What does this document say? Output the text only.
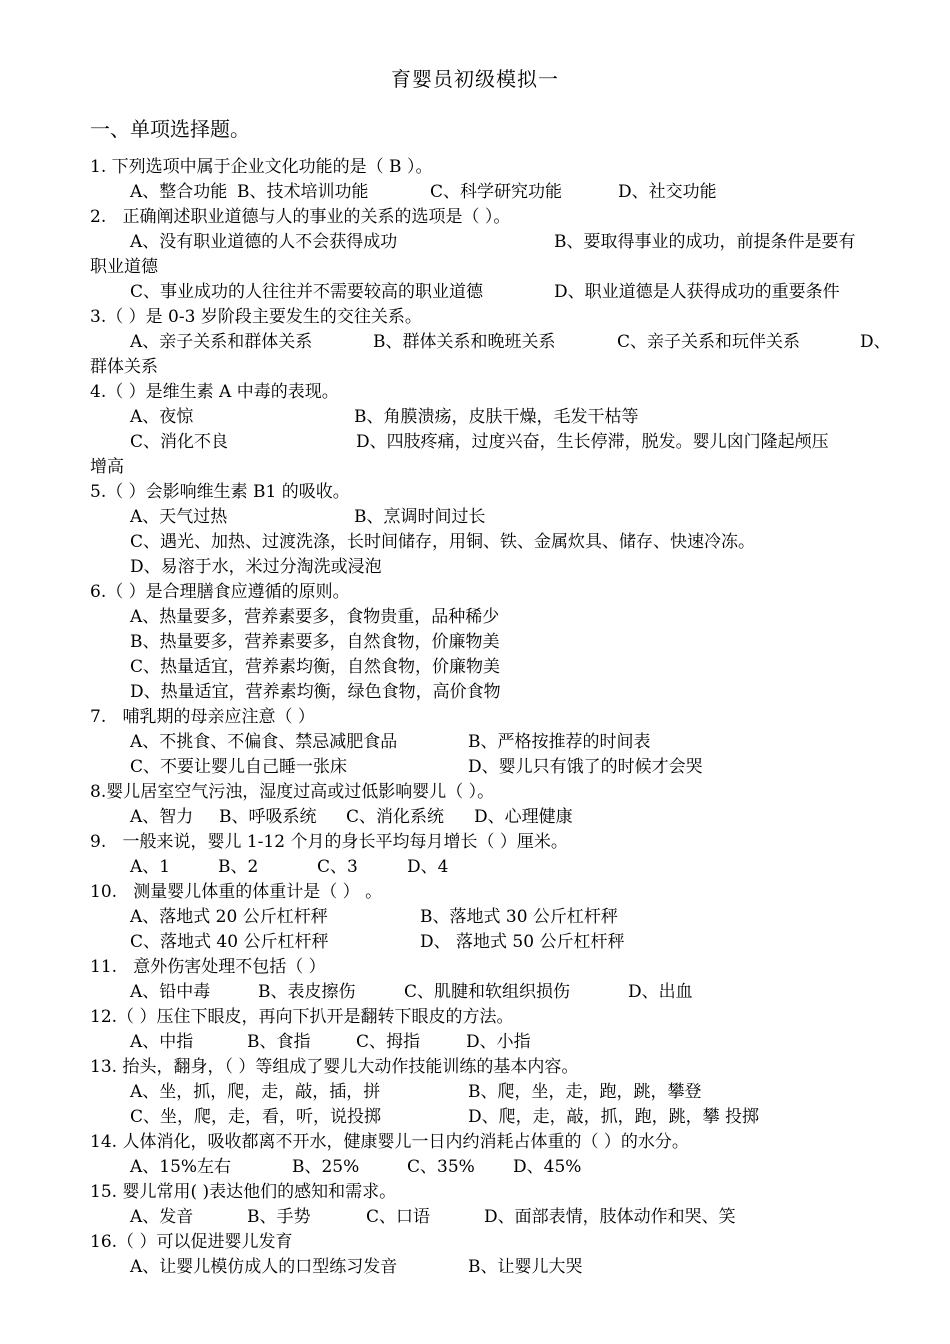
育婴员初级模拟一
一、单项选择题。
1. 下列选项中属于企业文化功能的是（ B ）。
A、整合功能 B、技术培训功能	C、科学研究功能	D、社交功能
2. 正确阐述职业道德与人的事业的关系的选项是（ ）。
A、没有职业道德的人不会获得成功	B、要取得事业的成功，前提条件是要有
职业道德
C、事业成功的人往往并不需要较高的职业道德	D、职业道德是人获得成功的重要条件
3.（ ）是 0-3 岁阶段主要发生的交往关系。
A、亲子关系和群体关系	B、群体关系和晚班关系	C、亲子关系和玩伴关系	D、
群体关系
4.（ ）是维生素 A 中毒的表现。
A、夜惊	B、角膜溃疡，皮肤干燥，毛发干枯等
C、消化不良	D、四肢疼痛，过度兴奋，生长停滞，脱发。婴儿囟门隆起颅压
增高
5.（ ）会影响维生素 B1 的吸收。
A、天气过热	B、烹调时间过长
C、遇光、加热、过渡洗涤，长时间储存，用铜、铁、金属炊具、储存、快速冷冻。
D、易溶于水，米过分淘洗或浸泡
6.（ ）是合理膳食应遵循的原则。
A、热量要多，营养素要多，食物贵重，品种稀少
B、热量要多，营养素要多，自然食物，价廉物美
C、热量适宜，营养素均衡，自然食物，价廉物美
D、热量适宜，营养素均衡，绿色食物，高价食物
7. 哺乳期的母亲应注意（ ）
A、不挑食、不偏食、禁忌减肥食品	B、严格按推荐的时间表
C、不要让婴儿自己睡一张床	D、婴儿只有饿了的时候才会哭
8.婴儿居室空气污浊，湿度过高或过低影响婴儿（ ）。
A、智力 B、呼吸系统 C、消化系统 D、心理健康
9. 一般来说，婴儿 1-12 个月的身长平均每月增长（ ）厘米。
A、1	B、2	C、3	D、4
10. 测量婴儿体重的体重计是（ ） 。
A、落地式 20 公斤杠杆秤	B、落地式 30 公斤杠杆秤
C、落地式 40 公斤杠杆秤	D、 落地式 50 公斤杠杆秤
11. 意外伤害处理不包括（ ）
A、铅中毒	B、表皮擦伤	C、肌腱和软组织损伤	D、出血
12.（ ）压住下眼皮，再向下扒开是翻转下眼皮的方法。
A、中指	B、食指	C、拇指	D、小指
13. 抬头，翻身，（ ）等组成了婴儿大动作技能训练的基本内容。
A、坐，抓，爬，走，敲，插，拼	B、爬，坐，走，跑，跳，攀登
C、坐，爬，走，看，听，说投掷	D、爬，走，敲，抓，跑，跳，攀 投掷
14. 人体消化，吸收都离不开水，健康婴儿一日内约消耗占体重的（ ）的水分。
A、15%左右	B、25%	C、35% D、45%
15. 婴儿常用( )表达他们的感知和需求。
A、发音	B、手势	C、口语	D、面部表情，肢体动作和哭、笑
16.（ ）可以促进婴儿发育
A、让婴儿模仿成人的口型练习发音	B、让婴儿大哭
